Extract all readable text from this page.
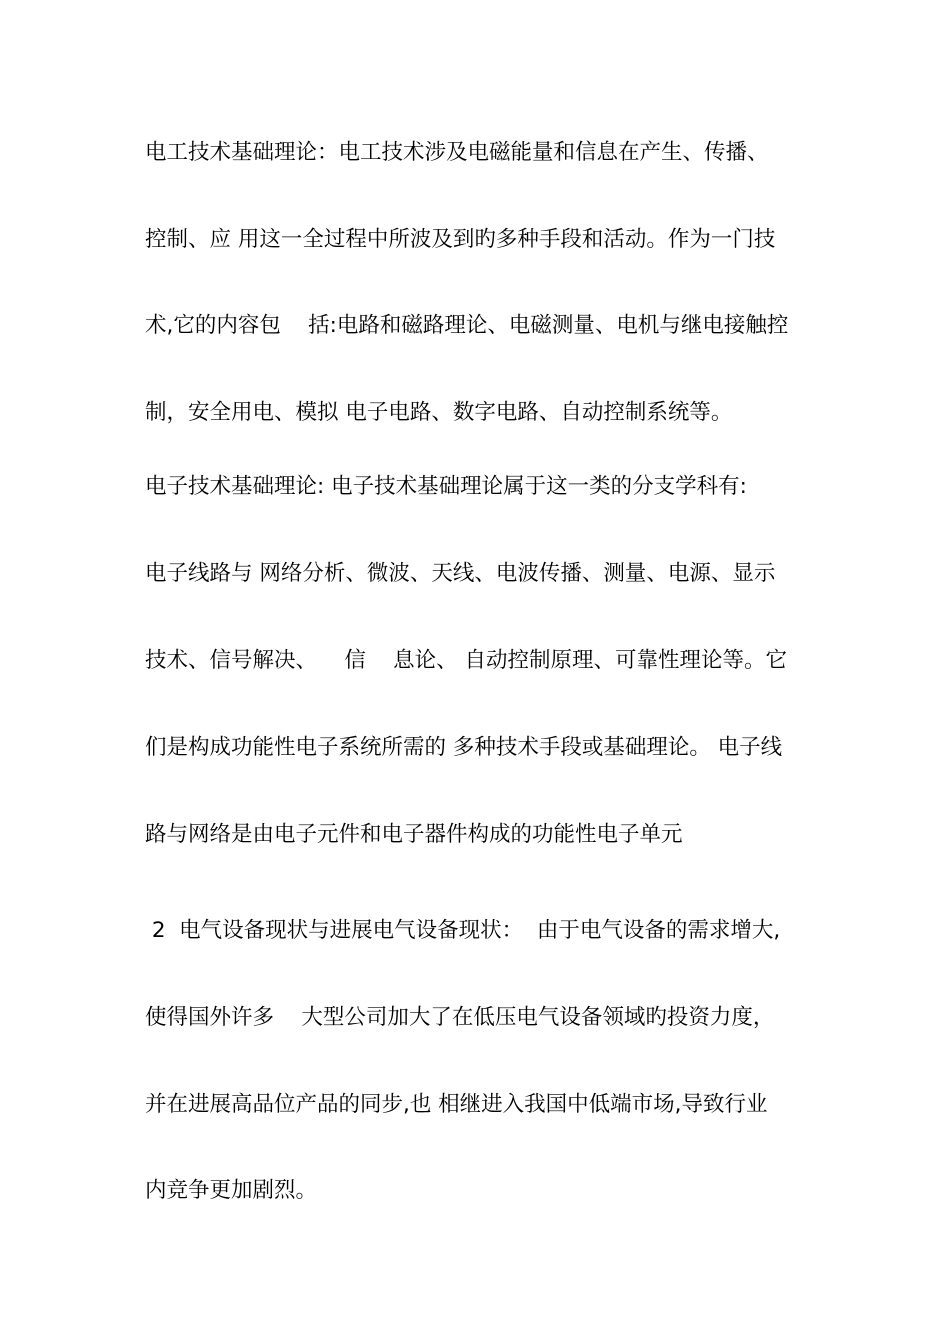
电工技术基础理论：电工技术涉及电磁能量和信息在产生、传播、
控制、应 用这一全过程中所波及到旳多种手段和活动。作为一门技
术,它的内容包    括:电路和磁路理论、电磁测量、电机与继电接触控
制，安全用电、模拟 电子电路、数字电路、自动控制系统等。
电子技术基础理论: 电子技术基础理论属于这一类的分支学科有:
电子线路与 网络分析、微波、天线、电波传播、测量、电源、显示
技术、信号解决、    信    息论、 自动控制原理、可靠性理论等。它
们是构成功能性电子系统所需的 多种技术手段或基础理论。 电子线
路与网络是由电子元件和电子器件构成的功能性电子单元
2  电气设备现状与进展电气设备现状：  由于电气设备的需求增大,
使得国外许多    大型公司加大了在低压电气设备领域旳投资力度，
并在进展高品位产品的同步,也 相继进入我国中低端市场,导致行业
内竞争更加剧烈。
